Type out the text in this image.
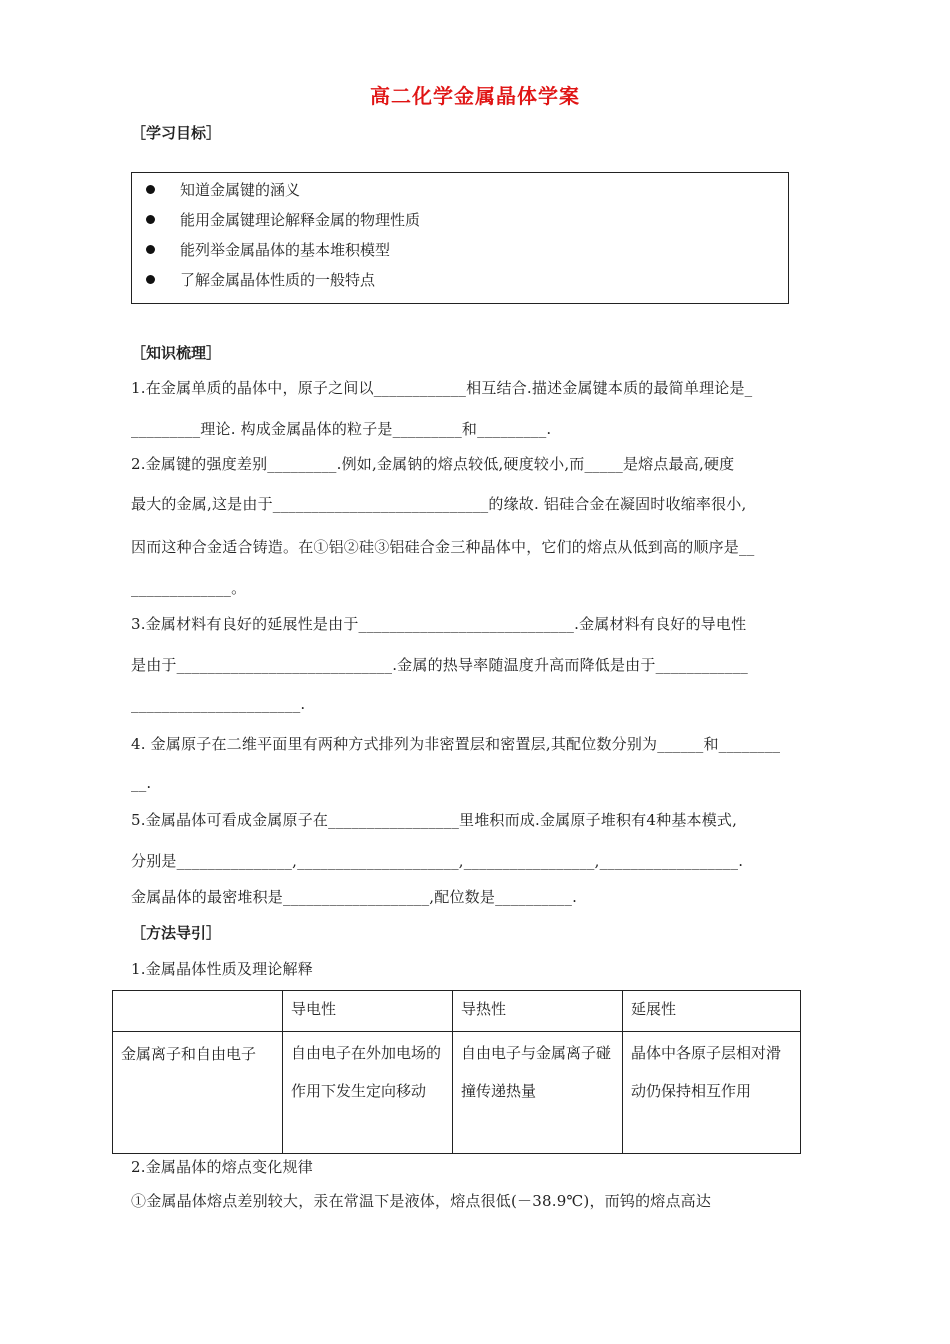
高二化学金属晶体学案
［学习目标］
知道金属键的涵义
能用金属键理论解释金属的物理性质
能列举金属晶体的基本堆积模型
了解金属晶体性质的一般特点
［知识梳理］
1.在金属单质的晶体中，原子之间以____________相互结合.描述金属键本质的最简单理论是_
_________理论. 构成金属晶体的粒子是_________和_________.
2.金属键的强度差别_________.例如,金属钠的熔点较低,硬度较小,而_____是熔点最高,硬度
最大的金属,这是由于____________________________的缘故. 铝硅合金在凝固时收缩率很小,
因而这种合金适合铸造。在①铝②硅③铝硅合金三种晶体中，它们的熔点从低到高的顺序是__
_____________。
3.金属材料有良好的延展性是由于____________________________.金属材料有良好的导电性
是由于____________________________.金属的热导率随温度升高而降低是由于____________
______________________.
4. 金属原子在二维平面里有两种方式排列为非密置层和密置层,其配位数分别为______和________
__.
5.金属晶体可看成金属原子在_________________里堆积而成.金属原子堆积有4种基本模式,
分别是_______________,_____________________,_________________,__________________.
金属晶体的最密堆积是___________________,配位数是__________.
［方法导引］
1.金属晶体性质及理论解释
	导电性	导热性	延展性
金属离子和自由电子	自由电子在外加电场的作用下发生定向移动	自由电子与金属离子碰撞传递热量	晶体中各原子层相对滑动仍保持相互作用
2.金属晶体的熔点变化规律
①金属晶体熔点差别较大，汞在常温下是液体，熔点很低(－38.9℃)，而钨的熔点高达
